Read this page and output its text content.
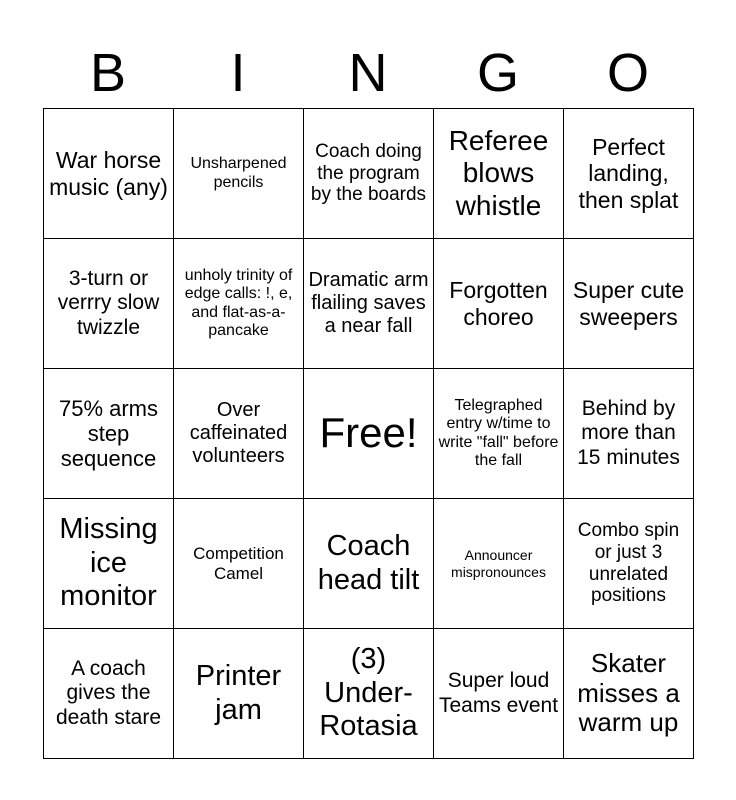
B	I	N	G	O
War horse music (any)	Unsharpened pencils	Coach doing the program by the boards	Referee blows whistle	Perfect landing, then splat
3-turn or verrry slow twizzle	unholy trinity of edge calls: !, e, and flat-as-a-pancake	Dramatic arm flailing saves a near fall	Forgotten choreo	Super cute sweepers
75% arms step sequence	Over caffeinated volunteers	Free!	Telegraphed entry w/time to write "fall" before the fall	Behind by more than 15 minutes
Missing ice monitor	Competition Camel	Coach head tilt	Announcer mispronounces	Combo spin or just 3 unrelated positions
A coach gives the death stare	Printer jam	(3) Under-Rotasia	Super loud Teams event	Skater misses a warm up
